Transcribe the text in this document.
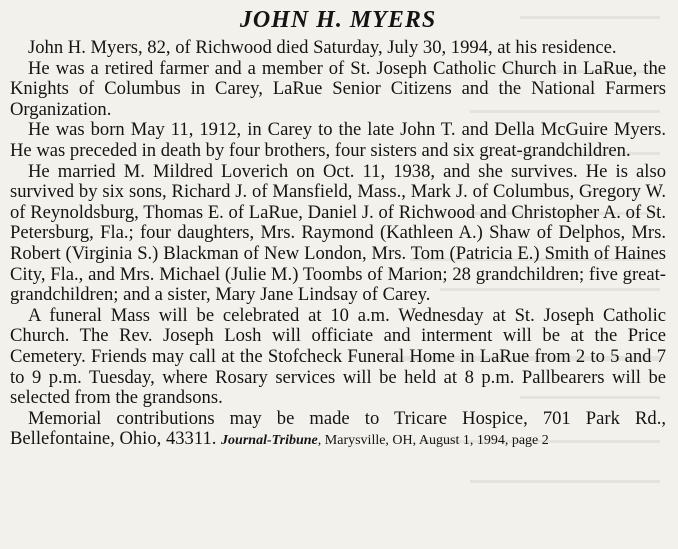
JOHN H. MYERS

John H. Myers, 82, of Richwood died Saturday, July 30, 1994, at his residence.

He was a retired farmer and a member of St. Joseph Catholic Church in LaRue, the Knights of Columbus in Carey, LaRue Senior Citizens and the National Farmers Organization.

He was born May 11, 1912, in Carey to the late John T. and Della McGuire Myers. He was preceded in death by four brothers, four sisters and six great-grandchildren.

He married M. Mildred Loverich on Oct. 11, 1938, and she survives. He is also survived by six sons, Richard J. of Mansfield, Mass., Mark J. of Columbus, Gregory W. of Reynoldsburg, Thomas E. of LaRue, Daniel J. of Richwood and Christopher A. of St. Petersburg, Fla.; four daughters, Mrs. Raymond (Kathleen A.) Shaw of Delphos, Mrs. Robert (Virginia S.) Blackman of New London, Mrs. Tom (Patricia E.) Smith of Haines City, Fla., and Mrs. Michael (Julie M.) Toombs of Marion; 28 grandchildren; five great-grandchildren; and a sister, Mary Jane Lindsay of Carey.

A funeral Mass will be celebrated at 10 a.m. Wednesday at St. Joseph Catholic Church. The Rev. Joseph Losh will officiate and interment will be at the Price Cemetery. Friends may call at the Stofcheck Funeral Home in LaRue from 2 to 5 and 7 to 9 p.m. Tuesday, where Rosary services will be held at 8 p.m. Pallbearers will be selected from the grandsons.

Memorial contributions may be made to Tricare Hospice, 701 Park Rd., Bellefontaine, Ohio, 43311. Journal-Tribune, Marysville, OH, August 1, 1994, page 2
